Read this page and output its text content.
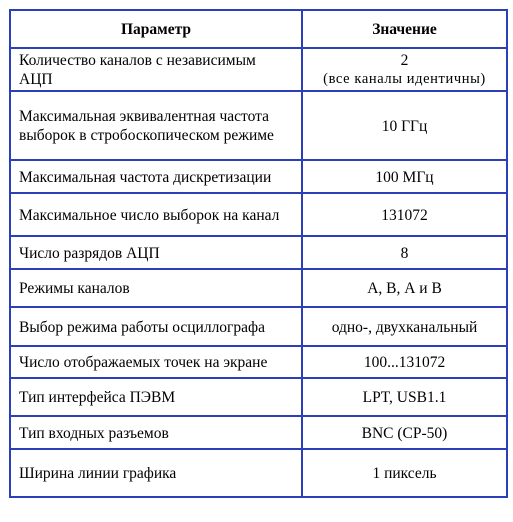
Параметр	Значение
Количество каналов с независимым АЦП	2
(все каналы идентичны)

Максимальная эквивалентная частота выборок в стробоскопическом режиме	10 ГГц
Максимальная частота дискретизации	100 МГц
Максимальное число выборок на канал	131072
Число разрядов АЦП	8
Режимы каналов	А, В, А и В
Выбор режима работы осциллографа	одно-, двухканальный
Число отображаемых точек на экране	100...131072
Тип интерфейса ПЭВМ	LPT, USB1.1
Тип входных разъемов	BNC (СР-50)
Ширина линии графика	1 пиксель
